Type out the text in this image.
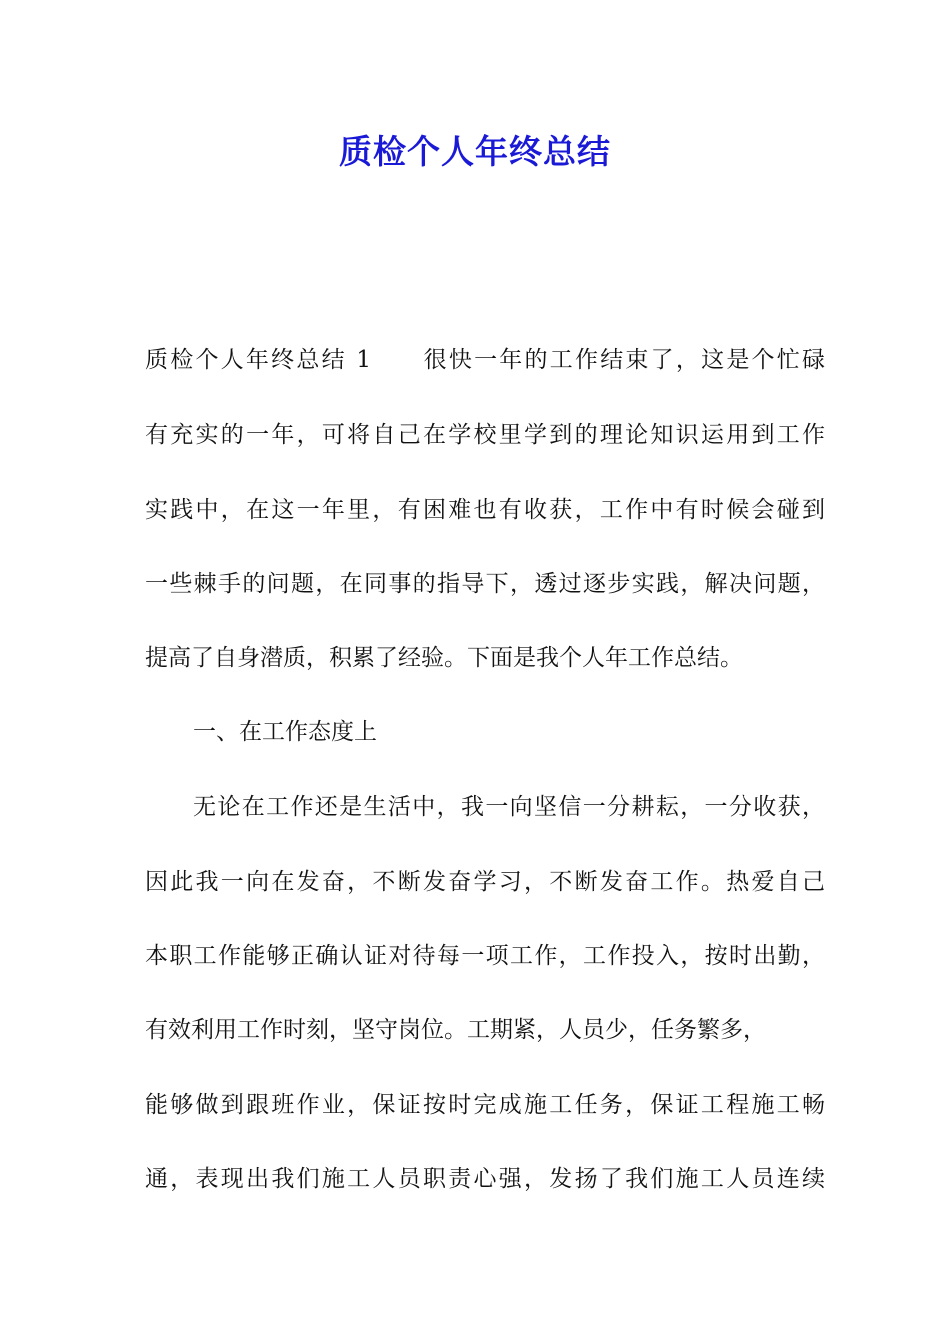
质检个人年终总结
质检个人年终总结 1　　很快一年的工作结束了，这是个忙碌
有充实的一年，可将自己在学校里学到的理论知识运用到工作
实践中，在这一年里，有困难也有收获，工作中有时候会碰到
一些棘手的问题，在同事的指导下，透过逐步实践，解决问题，
提高了自身潜质，积累了经验。下面是我个人年工作总结。
一、在工作态度上
无论在工作还是生活中，我一向坚信一分耕耘，一分收获，
因此我一向在发奋，不断发奋学习，不断发奋工作。热爱自己
本职工作能够正确认证对待每一项工作，工作投入，按时出勤，
有效利用工作时刻，坚守岗位。工期紧，人员少，任务繁多，
能够做到跟班作业，保证按时完成施工任务，保证工程施工畅
通，表现出我们施工人员职责心强，发扬了我们施工人员连续
